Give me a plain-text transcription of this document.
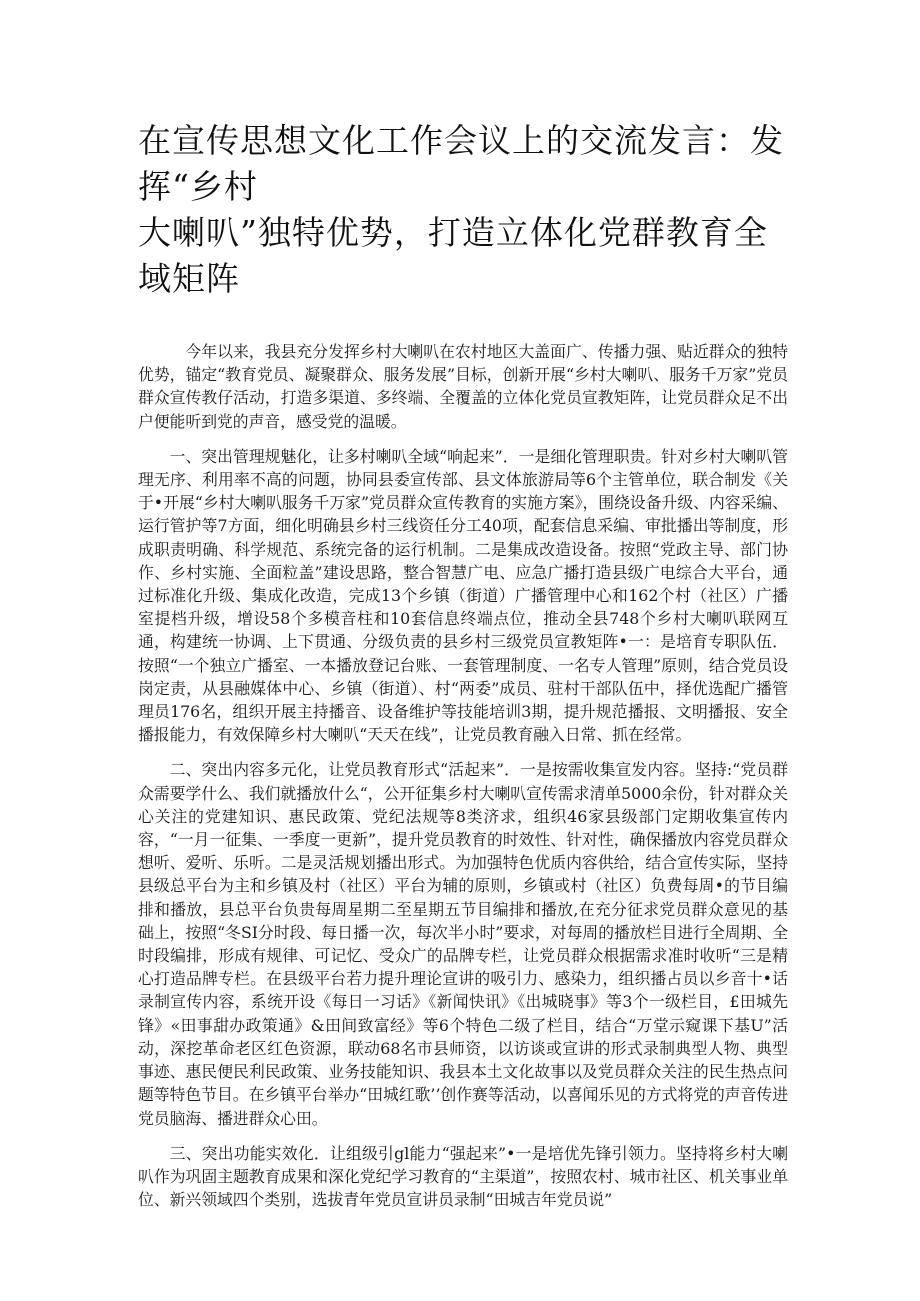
在宣传思想文化工作会议上的交流发言：发挥“乡村
大喇叭”独特优势，打造立体化党群教育全域矩阵

今年以来，我县充分发挥乡村大喇叭在农村地区大盖面广、传播力强、贴近群众的独特优势，锚定“教育党员、凝聚群众、服务发展”目标，创新开展“乡村大喇叭、服务千万家”党员群众宣传教仔活动，打造多渠道、多终端、全覆盖的立体化党员宣教矩阵，让党员群众足不出户便能听到党的声音，感受党的温暖。

一、突出管理规魅化，让多村喇叭全域“响起来”．一是细化管理职贵。针对乡村大喇叭管理无序、利用率不高的问题，协同县委宣传部、县文体旅游局等6个主管单位，联合制发《关于•开展“乡村大喇叭服务千万家”党员群众宣传教育的实施方案》，围绕设备升级、内容采编、运行管护等7方面，细化明确县乡村三线资任分工40项，配套信息采编、审批播出等制度，形成职责明确、科学规范、系统完备的运行机制。二是集成改造设备。按照“党政主导、部门协作、乡村实施、全面粒盖”建设思路，整合智慧广电、应急广播打造县级广电综合大平台，通过标准化升级、集成化改造，完成13个乡镇（街道）广播管理中心和162个村（社区）广播室提档升级，增设58个多模音柱和10套信息终端点位，推动全县748个乡村大喇叭联网互通，构建统一协调、上下贯通、分级负责的县乡村三级党员宣教矩阵•一：是培育专职队伍．按照“一个独立广播室、一本播放登记台账、一套管理制度、一名专人管理”原则，结合党员设岗定责，从县融媒体中心、乡镇（街道）、村“两委”成员、驻村干部队伍中，择优选配广播管理员176名，组织开展主持播音、设备维护等技能培训3期，提升规范播报、文明播报、安全播报能力，有效保障乡村大喇叭“天天在线”，让党员教育融入日常、抓在经常。

二、突出内容多元化，让党员教育形式“活起来”．一是按需收集宣发内容。坚持:“党员群众需要学什么、我们就播放什么“，公开征集乡村大喇叭宣传需求清单5000余份，针对群众关心关注的党建知识、惠民政策、党纪法规等8类济求，组织46家县级部门定期收集宣传内容，“一月一征集、一季度一更新”，提升党员教育的时效性、针对性，确保播放内容党员群众想听、爱听、乐听。二是灵活规划播出形式。为加强特色优质内容供给，结合宣传实际，坚持县级总平台为主和乡镇及村（社区）平台为辅的原则，乡镇或村（社区）负费每周•的节目编排和播放，县总平台负贵每周星期二至星期五节目编排和播放,在充分征求党员群众意见的基础上，按照“冬SI分时段、每日播一次，每次半小时”要求，对每周的播放栏目进行全周期、全时段编排，形成有规律、可记忆、受众广的品牌专栏，让党员群众根据需求准时收听“三是精心打造品牌专栏。在县级平台若力提升理论宣讲的吸引力、感染力，组织播占员以乡音十•话录制宣传内容，系统开设《每日一习话》《新闻快讯》《出城晓事》等3个一级栏目，£田城先锋》«田事甜办政策通》&田间致富经》等6个特色二级了栏目，结合“万堂示窥课下基U”活动，深挖革命老区红色资源，联动68名市县师资，以访谈或宣讲的形式录制典型人物、典型事迹、惠民便民利民政策、业务技能知识、我县本土文化故事以及党员群众关注的民生热点问题等特色节目。在乡镇平台举办“田城红歌’’创作赛等活动，以喜闻乐见的方式将党的声音传进党员脑海、播进群众心田。

三、突出功能实效化．让组级引gl能力“强起来”•一是培优先锋引领力。坚持将乡村大喇叭作为巩固主题教育成果和深化党纪学习教育的“主渠道”，按照农村、城市社区、机关事业单位、新兴领域四个类别，选拔青年党员宣讲员录制“田城吉年党员说”
